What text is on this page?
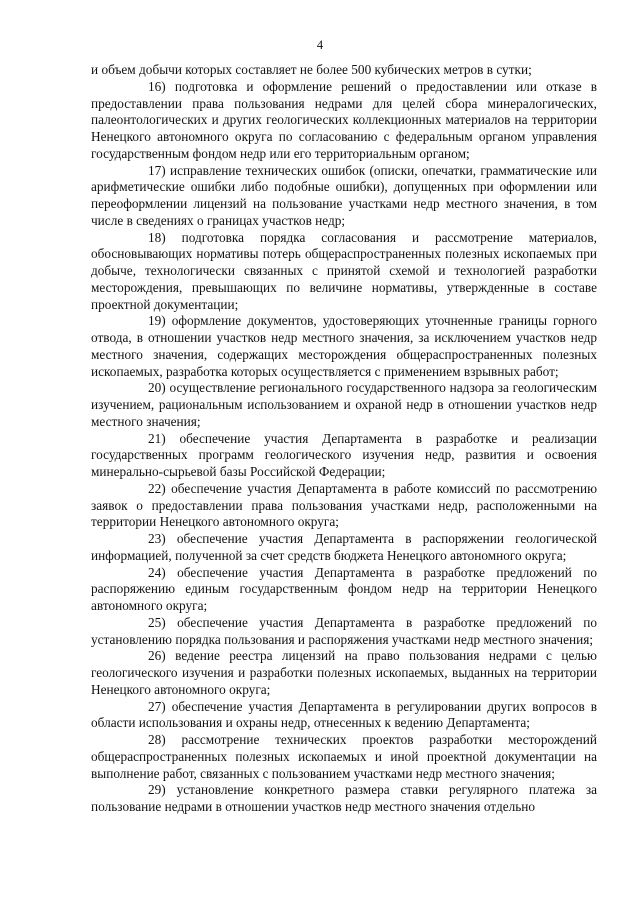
4

и объем добычи которых составляет не более 500 кубических метров в сутки;

16) подготовка и оформление решений о предоставлении или отказе в предоставлении права пользования недрами для целей сбора минералогических, палеонтологических и других геологических коллекционных материалов на территории Ненецкого автономного округа по согласованию с федеральным органом управления государственным фондом недр или его территориальным органом;

17) исправление технических ошибок (описки, опечатки, грамматические или арифметические ошибки либо подобные ошибки), допущенных при оформлении или переоформлении лицензий на пользование участками недр местного значения, в том числе в сведениях о границах участков недр;

18) подготовка порядка согласования и рассмотрение материалов, обосновывающих нормативы потерь общераспространенных полезных ископаемых при добыче, технологически связанных с принятой схемой и технологией разработки месторождения, превышающих по величине нормативы, утвержденные в составе проектной документации;

19) оформление документов, удостоверяющих уточненные границы горного отвода, в отношении участков недр местного значения, за исключением участков недр местного значения, содержащих месторождения общераспространенных полезных ископаемых, разработка которых осуществляется с применением взрывных работ;

20) осуществление регионального государственного надзора за геологическим изучением, рациональным использованием и охраной недр в отношении участков недр местного значения;

21) обеспечение участия Департамента в разработке и реализации государственных программ геологического изучения недр, развития и освоения минерально-сырьевой базы Российской Федерации;

22) обеспечение участия Департамента в работе комиссий по рассмотрению заявок о предоставлении права пользования участками недр, расположенными на территории Ненецкого автономного округа;

23) обеспечение участия Департамента в распоряжении геологической информацией, полученной за счет средств бюджета Ненецкого автономного округа;

24) обеспечение участия Департамента в разработке предложений по распоряжению единым государственным фондом недр на территории Ненецкого автономного округа;

25) обеспечение участия Департамента в разработке предложений по установлению порядка пользования и распоряжения участками недр местного значения;

26) ведение реестра лицензий на право пользования недрами с целью геологического изучения и разработки полезных ископаемых, выданных на территории Ненецкого автономного округа;

27) обеспечение участия Департамента в регулировании других вопросов в области использования и охраны недр, отнесенных к ведению Департамента;

28) рассмотрение технических проектов разработки месторождений общераспространенных полезных ископаемых и иной проектной документации на выполнение работ, связанных с пользованием участками недр местного значения;

29) установление конкретного размера ставки регулярного платежа за пользование недрами в отношении участков недр местного значения отдельно
